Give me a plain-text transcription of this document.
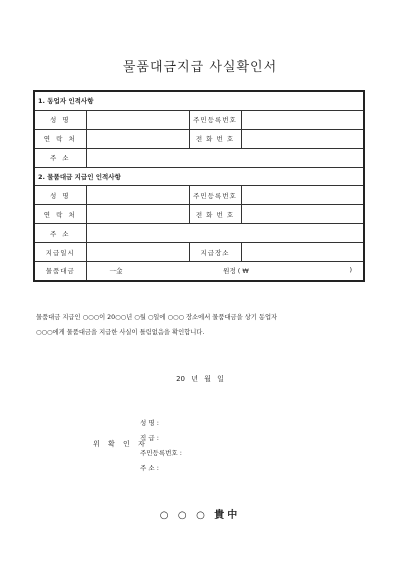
물품대금지급 사실확인서
1. 동업자 인적사항			
성 명		주민등록번호	
연 락 처		전 화 번 호	
주 소			
2. 물품대금 지급인 인적사항			
성 명		주민등록번호	
연 락 처		전 화 번 호	
주 소			
지급일시		지급장소	
물품대금	一金 원정 ( ₩ )		
물품대금 지급인 ○○○이 20○○년 ○월 ○일에 ○○○ 장소에서 물품대금을 상기 동업자
○○○에게 물품대금을 지급한 사실이 틀림없음을 확인합니다.
20 년 월 일
위 확 인 자
성 명 :
직 급 :
주민등록번호 :
주 소 :
○ ○ ○ 貴中
